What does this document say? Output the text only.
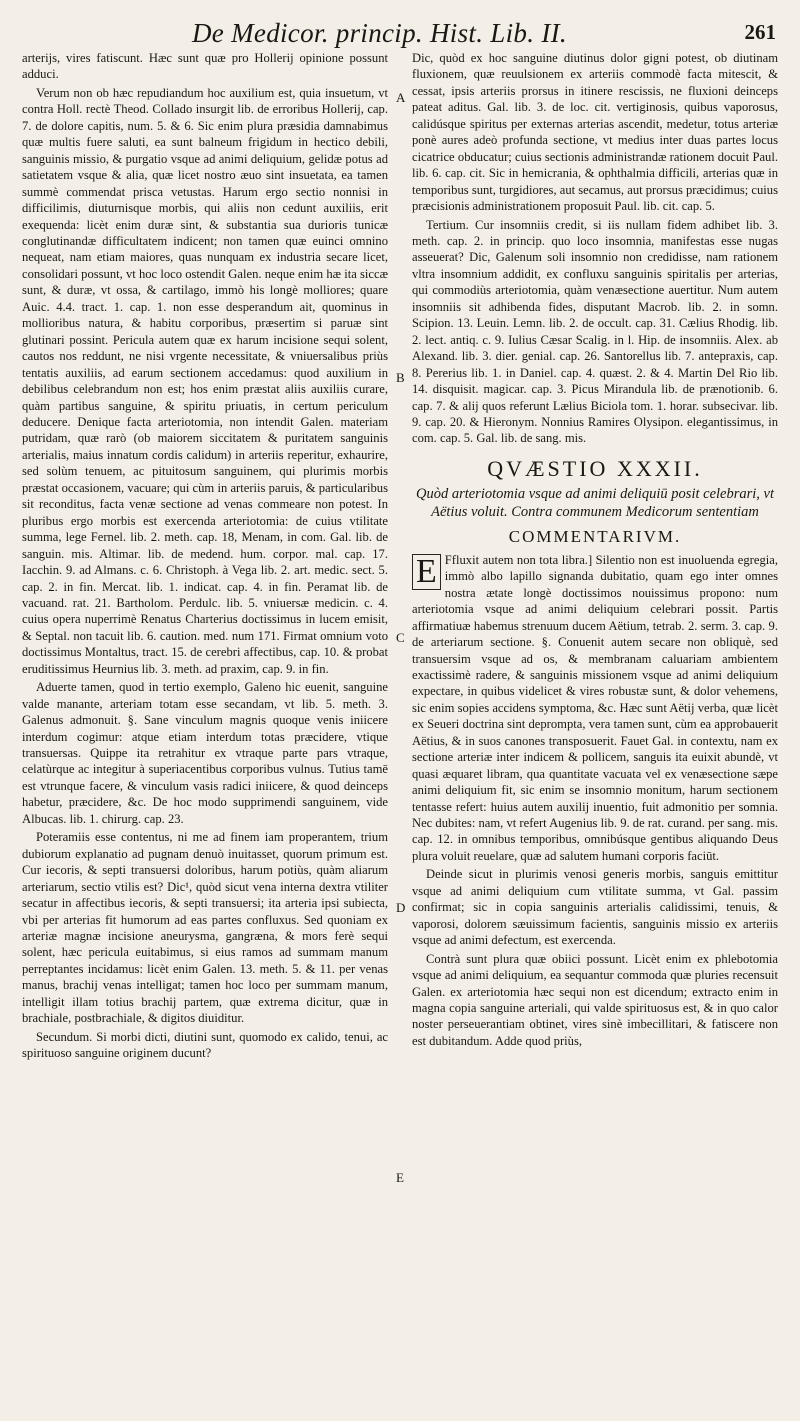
De Medicor. princip. Hist. Lib. II.	261

arterijs, vires fatiscunt. Hæc sunt quæ pro Hollerij opinione possunt adduci.

Verum non ob hæc repudiandum hoc auxilium est, quia insuetum, vt contra Holl. rectè Theod. Collado insurgit lib. de erroribus Hollerij, cap. 7. de dolore capitis, num. 5. & 6. Sic enim plura præsidia damnabimus quæ multis fuere saluti, ea sunt balneum frigidum in hectico debili, sanguinis missio, & purgatio vsque ad animi deliquium, gelidæ potus ad satietatem vsque & alia, quæ licet nostro æuo sint insuetata, ea tamen summè commendat prisca vetustas. Harum ergo sectio nonnisi in difficilimis, diuturnisque morbis, qui aliis non cedunt auxiliis, erit exequenda: licèt enim duræ sint, & substantia sua durioris tunicæ conglutinandæ difficultatem indicent; non tamen quæ euinci omnino nequeat, nam etiam maiores, quas nunquam ex industria secare licet, consolidari possunt, vt hoc loco ostendit Galen. neque enim hæ ita siccæ sunt, & duræ, vt ossa, & cartilago, immò his longè molliores; quare Auic. 4.4. tract. 1. cap. 1. non esse desperandum ait, quominus in mollioribus natura, & habitu corporibus, præsertim si paruæ sint glutinari possint. Pericula autem quæ ex harum incisione sequi solent, cautos nos reddunt, ne nisi vrgente necessitate, & vniuersalibus priùs tentatis auxiliis, ad earum sectionem accedamus: quod auxilium in debilibus celebrandum non est; hos enim præstat aliis auxiliis curare, quàm partibus sanguine, & spiritu priuatis, in certum periculum deducere. Denique facta arteriotomia, non intendit Galen. materiam putridam, quæ rarò (ob maiorem siccitatem & puritatem sanguinis arterialis, maius innatum cordis calidum) in arteriis reperitur, exhaurire, sed solùm tenuem, ac pituitosum sanguinem, qui plurimis morbis præstat occasionem, vacuare; qui cùm in arteriis paruis, & particularibus sit reconditus, facta venæ sectione ad venas commeare non potest. In pluribus ergo morbis est exercenda arteriotomia: de cuius vtilitate summa, lege Fernel. lib. 2. meth. cap. 18, Menam, in com. Gal. lib. de sanguin. mis. Altimar. lib. de medend. hum. corpor. mal. cap. 17. Iacchin. 9. ad Almans. c. 6. Christoph. à Vega lib. 2. art. medic. sect. 5. cap. 2. in fin. Mercat. lib. 1. indicat. cap. 4. in fin. Peramat lib. de vacuand. rat. 21. Bartholom. Perdulc. lib. 5. vniuersæ medicin. c. 4. cuius opera nuperrimè Renatus Charterius doctissimus in lucem emisit, & Septal. non tacuit lib. 6. caution. med. num 171. Firmat omnium voto doctissimus Montaltus, tract. 15. de cerebri affectibus, cap. 10. & probat eruditissimus Heurnius lib. 3. meth. ad praxim, cap. 9. in fin.

Aduerte tamen, quod in tertio exemplo, Galeno hic euenit, sanguine valde manante, arteriam totam esse secandam, vt lib. 5. meth. 3. Galenus admonuit. §. Sane vinculum magnis quoque venis iniicere interdum cogimur: atque etiam interdum totas præcidere, vtique transuersas. Quippe ita retrahitur ex vtraque parte pars vtraque, celatùrque ac integitur à superiacentibus corporibus vulnus. Tutius tamē est vtrunque facere, & vinculum vasis radici iniicere, & quod deinceps habetur, præcidere, &c. De hoc modo supprimendi sanguinem, vide Albucas. lib. 1. chirurg. cap. 23.

Poteramiis esse contentus, ni me ad finem iam properantem, trium dubiorum explanatio ad pugnam denuò inuitasset, quorum primum est. Cur iecoris, & septi transuersi doloribus, harum potiùs, quàm aliarum arteriarum, sectio vtilis est? Dic¹, quòd sicut vena interna dextra vtiliter secatur in affectibus iecoris, & septi transuersi; ita arteria ipsi subiecta, vbi per arterias fit humorum ad eas partes confluxus. Sed quoniam ex arteriæ magnæ incisione aneurysma, gangræna, & mors ferè sequi solent, hæc pericula euitabimus, si eius ramos ad summam manum perreptantes incidamus: licèt enim Galen. 13. meth. 5. & 11. per venas manus, brachij venas intelligat; tamen hoc loco per summam manum, intelligit illam totius brachij partem, quæ extrema dicitur, quæ in brachiale, postbrachiale, & digitos diuiditur.

Secundum. Si morbi dicti, diutini sunt, quomodo ex calido, tenui, ac spirituoso sanguine originem ducunt?

A
B
C
D
E

Dic, quòd ex hoc sanguine diutinus dolor gigni potest, ob diutinam fluxionem, quæ reuulsionem ex arteriis commodè facta mitescit, & cessat, ipsis arteriis prorsus in itinere rescissis, ne fluxioni deinceps pateat aditus. Gal. lib. 3. de loc. cit. vertiginosis, quibus vaporosus, calidúsque spiritus per externas arterias ascendit, medetur, totus arteriæ ponè aures adeò profunda sectione, vt medius inter duas partes locus cicatrice obducatur; cuius sectionis administrandæ rationem docuit Paul. lib. 6. cap. cit. Sic in hemicrania, & ophthalmia difficili, arterias quæ in temporibus sunt, turgidiores, aut secamus, aut prorsus præcidimus; cuius præcisionis administrationem proposuit Paul. lib. cit. cap. 5.

Tertium. Cur insomniis credit, si iis nullam fidem adhibet lib. 3. meth. cap. 2. in princip. quo loco insomnia, manifestas esse nugas asseuerat? Dic, Galenum soli insomnio non credidisse, nam rationem vltra insomnium addidit, ex confluxu sanguinis spiritalis per arterias, qui commodiùs arteriotomia, quàm venæsectione auertitur. Num autem insomniis sit adhibenda fides, disputant Macrob. lib. 2. in somn. Scipion. 13. Leuin. Lemn. lib. 2. de occult. cap. 31. Cælius Rhodig. lib. 2. lect. antiq. c. 9. Iulius Cæsar Scalig. in l. Hip. de insomniis. Alex. ab Alexand. lib. 3. dier. genial. cap. 26. Santorellus lib. 7. antepraxis, cap. 8. Pererius lib. 1. in Daniel. cap. 4. quæst. 2. & 4. Martin Del Rio lib. 14. disquisit. magicar. cap. 3. Picus Mirandula lib. de prænotionib. 6. cap. 7. & alij quos referunt Lælius Biciola tom. 1. horar. subsecivar. lib. 9. cap. 20. & Hieronym. Nonnius Ramires Olysipon. elegantissimus, in com. cap. 5. Gal. lib. de sang. mis.

QVÆSTIO XXXII.
Quòd arteriotomia vsque ad animi deliquiū posit celebrari, vt Aëtius voluit. Contra communem Medicorum sententiam
COMMENTARIVM.

E Ffluxit autem non tota libra.] Silentio non est inuoluenda egregia, immò albo lapillo signanda dubitatio, quam ego inter omnes nostra ætate longè doctissimos nouissimus propono: num arteriotomia vsque ad animi deliquium celebrari possit. Partis affirmatiuæ habemus strenuum ducem Aëtium, tetrab. 2. serm. 3. cap. 9. de arteriarum sectione. §. Conuenit autem secare non obliquè, sed transuersim vsque ad os, & membranam caluariam ambientem exactissimè radere, & sanguinis missionem vsque ad animi deliquium expectare, in quibus videlicet & vires robustæ sunt, & dolor vehemens, sic enim sopies accidens symptoma, &c. Hæc sunt Aëtij verba, quæ licèt ex Seueri doctrina sint deprompta, vera tamen sunt, cùm ea approbauerit Aëtius, & in suos canones transposuerit. Fauet Gal. in contextu, nam ex sectione arteriæ inter indicem & pollicem, sanguis ita euixit abundè, vt quasi æquaret libram, qua quantitate vacuata vel ex venæsectione sæpe animi deliquium fit, sic enim se insomnio monitum, harum sectionem tentasse refert: huius autem auxilij inuentio, fuit admonitio per somnia. Nec dubites: nam, vt refert Augenius lib. 9. de rat. curand. per sang. mis. cap. 12. in omnibus temporibus, omnibúsque gentibus aliquando Deus plura voluit reuelare, quæ ad salutem humani corporis faciūt.

Deinde sicut in plurimis venosi generis morbis, sanguis emittitur vsque ad animi deliquium cum vtilitate summa, vt Gal. passim confirmat; sic in copia sanguinis arterialis calidissimi, tenuis, & vaporosi, dolorem sæuissimum facientis, sanguinis missio ex arteriis vsque ad animi defectum, est exercenda.

Contrà sunt plura quæ obiici possunt. Licèt enim ex phlebotomia vsque ad animi deliquium, ea sequantur commoda quæ pluries recensuit Galen. ex arteriotomia hæc sequi non est dicendum; extracto enim in magna copia sanguine arteriali, qui valde spirituosus est, & in quo calor noster perseuerantiam obtinet, vires sinè imbecillitari, & fatiscere non est dubitandum. Adde quod priùs,
